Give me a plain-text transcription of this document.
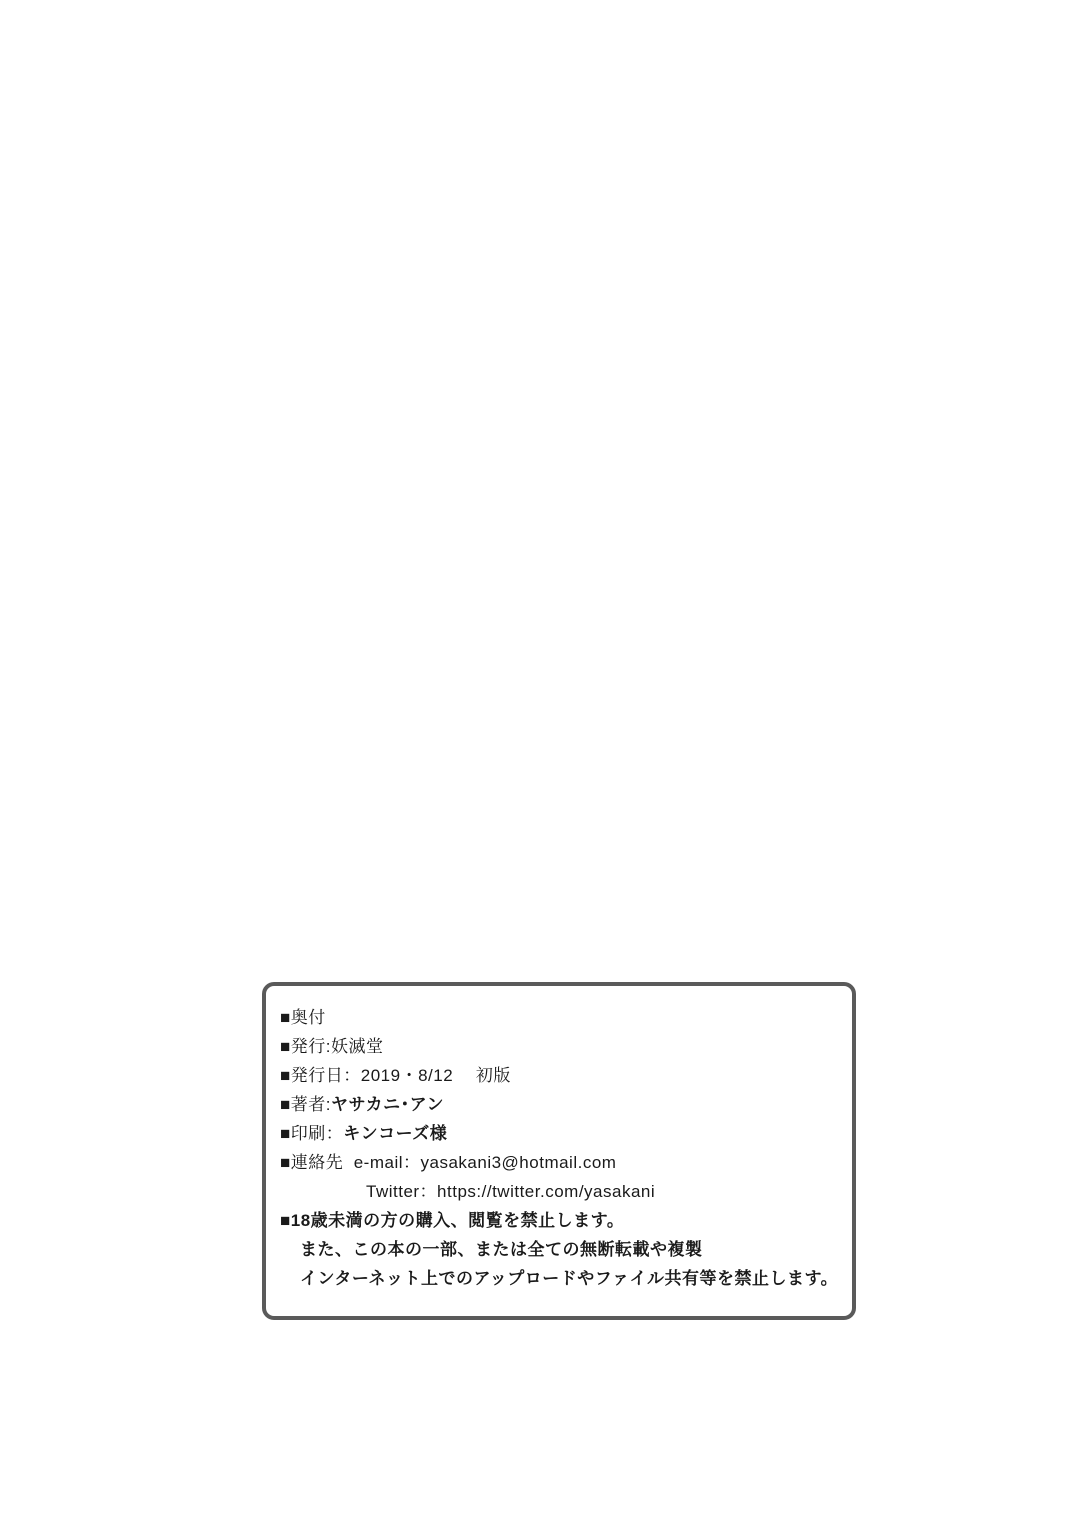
■奥付
■発行:妖滅堂
■発行日：2019・8/12　 初版
■著者:ヤサカニ･アン
■印刷：キンコーズ様
■連絡先  e-mail：yasakani3@hotmail.com
Twitter：https://twitter.com/yasakani
■18歳未満の方の購入、閲覧を禁止します。
また、この本の一部、または全ての無断転載や複製
インターネット上でのアップロードやファイル共有等を禁止します。
